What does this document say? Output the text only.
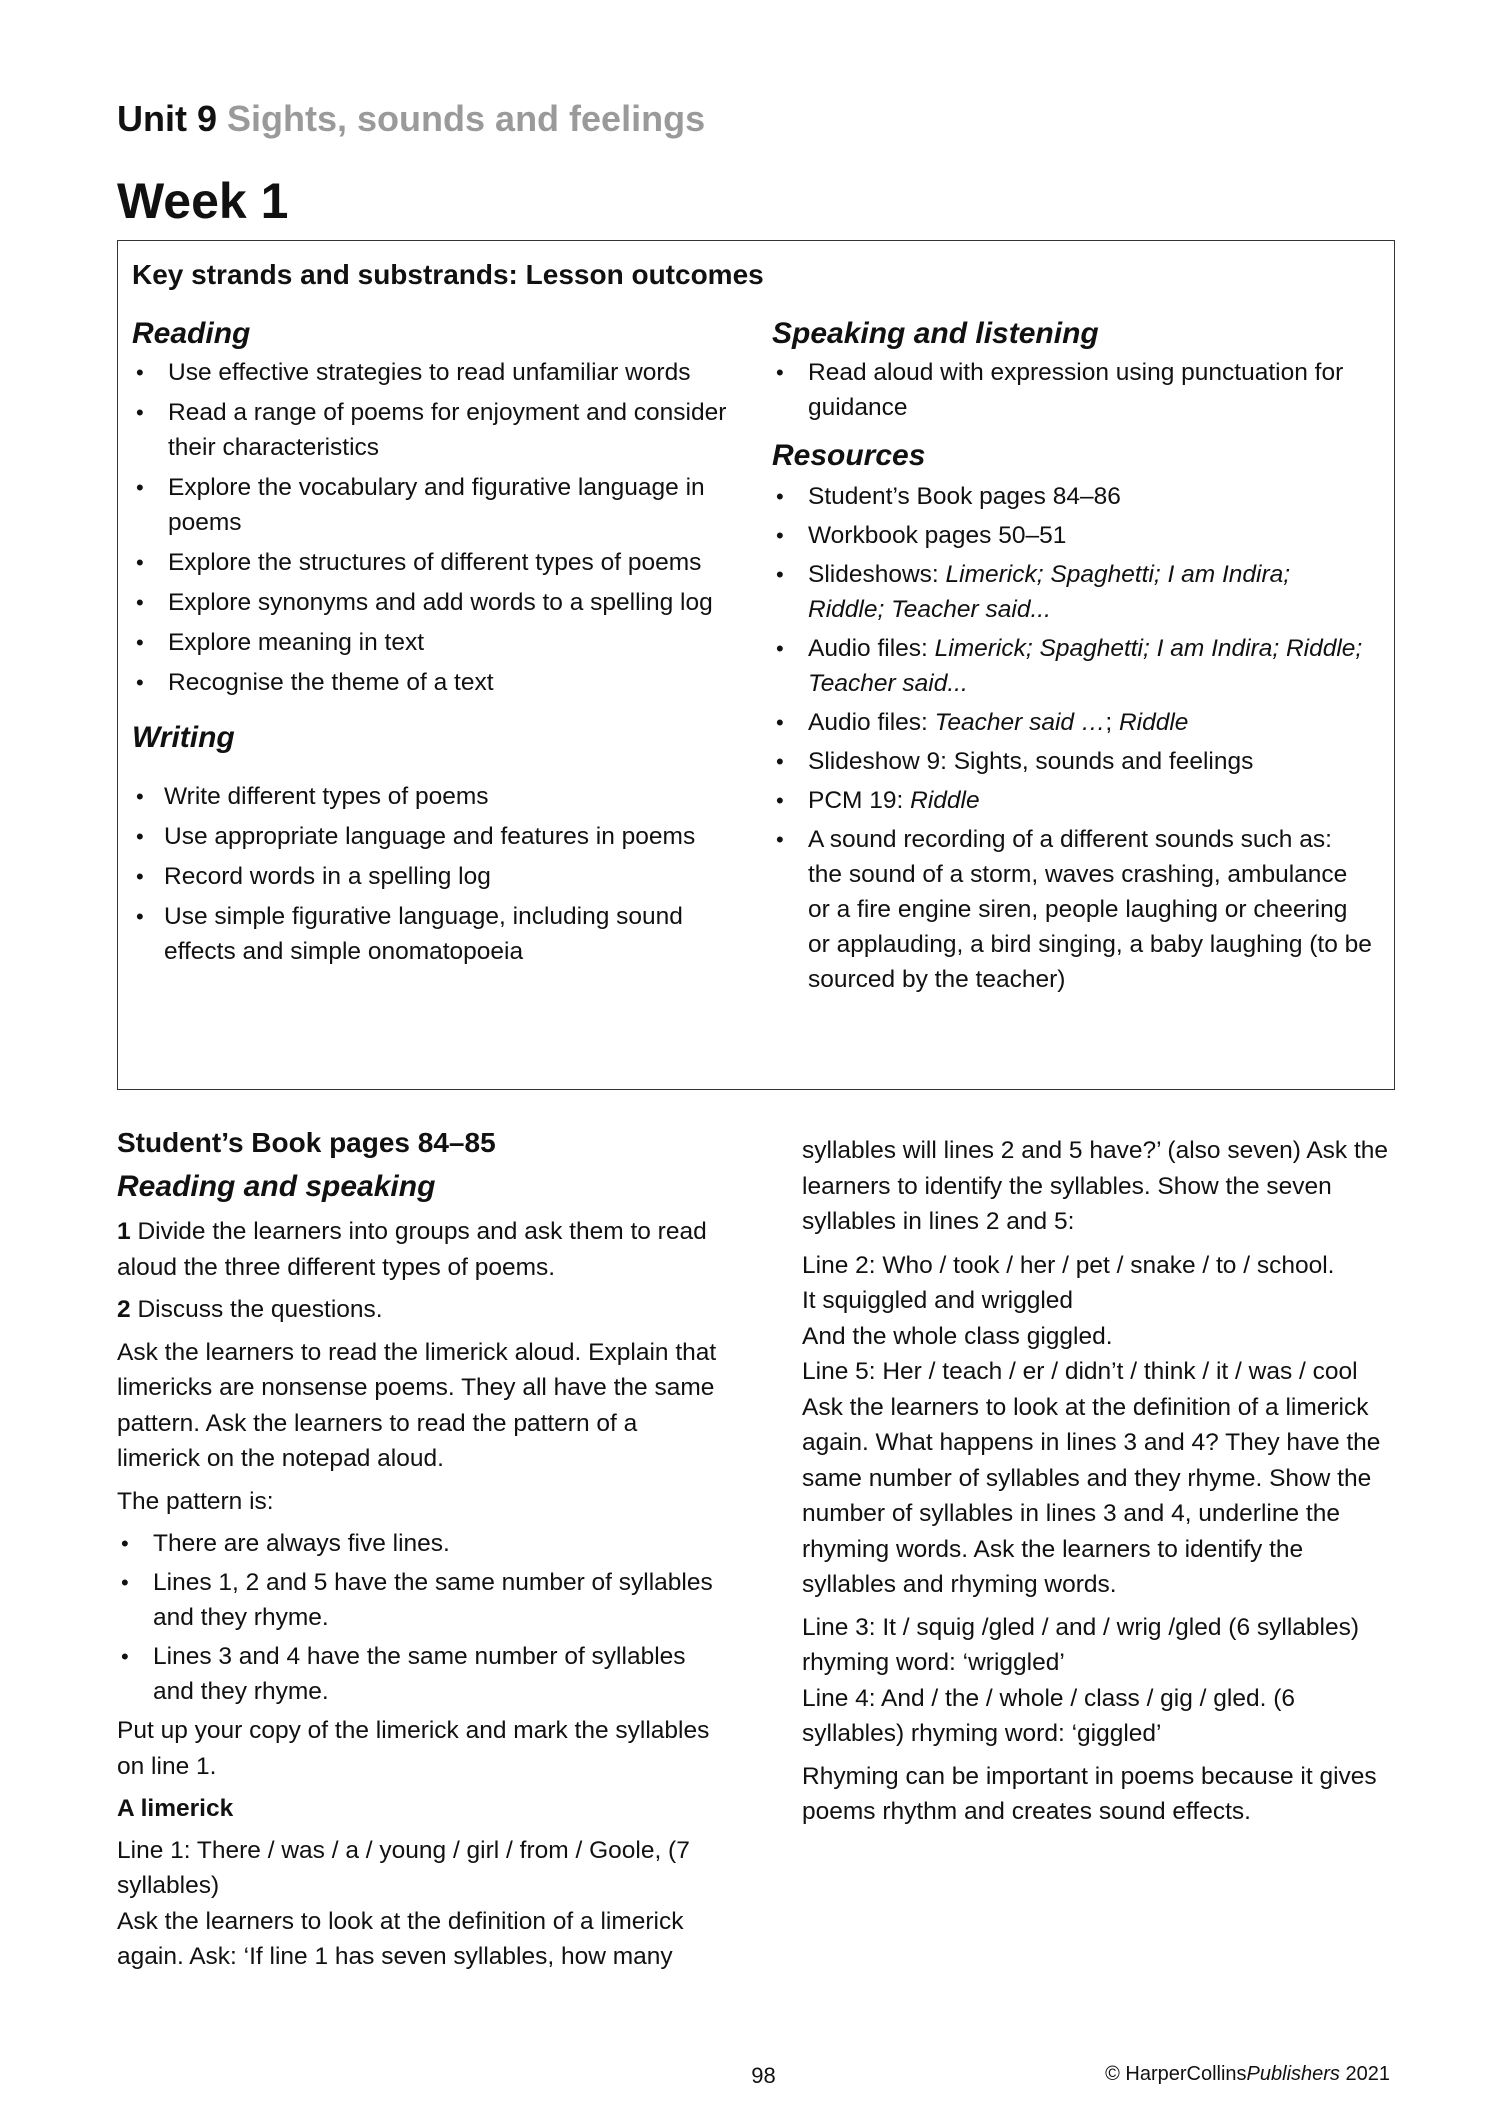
Unit 9 Sights, sounds and feelings
Week 1
Key strands and substrands: Lesson outcomes
Reading
• Use effective strategies to read unfamiliar words
• Read a range of poems for enjoyment and consider their characteristics
• Explore the vocabulary and figurative language in poems
• Explore the structures of different types of poems
• Explore synonyms and add words to a spelling log
• Explore meaning in text
• Recognise the theme of a text
Writing
• Write different types of poems
• Use appropriate language and features in poems
• Record words in a spelling log
• Use simple figurative language, including sound effects and simple onomatopoeia
Speaking and listening
• Read aloud with expression using punctuation for guidance
Resources
• Student’s Book pages 84–86
• Workbook pages 50–51
• Slideshows: Limerick; Spaghetti; I am Indira; Riddle; Teacher said...
• Audio files: Limerick; Spaghetti; I am Indira; Riddle; Teacher said...
• Audio files: Teacher said …; Riddle
• Slideshow 9: Sights, sounds and feelings
• PCM 19: Riddle
• A sound recording of a different sounds such as: the sound of a storm, waves crashing, ambulance or a fire engine siren, people laughing or cheering or applauding, a bird singing, a baby laughing (to be sourced by the teacher)
Student’s Book pages 84–85
Reading and speaking

1 Divide the learners into groups and ask them to read aloud the three different types of poems.

2 Discuss the questions.

Ask the learners to read the limerick aloud. Explain that limericks are nonsense poems. They all have the same pattern. Ask the learners to read the pattern of a limerick on the notepad aloud.

The pattern is:

• There are always five lines.
• Lines 1, 2 and 5 have the same number of syllables and they rhyme.
• Lines 3 and 4 have the same number of syllables and they rhyme.

Put up your copy of the limerick and mark the syllables on line 1.

A limerick

Line 1: There / was / a / young / girl / from / Goole, (7 syllables)

Ask the learners to look at the definition of a limerick again. Ask: ‘If line 1 has seven syllables, how many

syllables will lines 2 and 5 have?’ (also seven) Ask the learners to identify the syllables. Show the seven syllables in lines 2 and 5:

Line 2: Who / took / her / pet / snake / to / school.

It squiggled and wriggled

And the whole class giggled.

Line 5: Her / teach / er / didn’t / think / it / was / cool

Ask the learners to look at the definition of a limerick again. What happens in lines 3 and 4? They have the same number of syllables and they rhyme. Show the number of syllables in lines 3 and 4, underline the rhyming words. Ask the learners to identify the syllables and rhyming words.

Line 3: It / squig /gled / and / wrig /gled (6 syllables) rhyming word: ‘wriggled’

Line 4: And / the / whole / class / gig / gled. (6 syllables) rhyming word: ‘giggled’

Rhyming can be important in poems because it gives poems rhythm and creates sound effects.

98	© HarperCollinsPublishers 2021
